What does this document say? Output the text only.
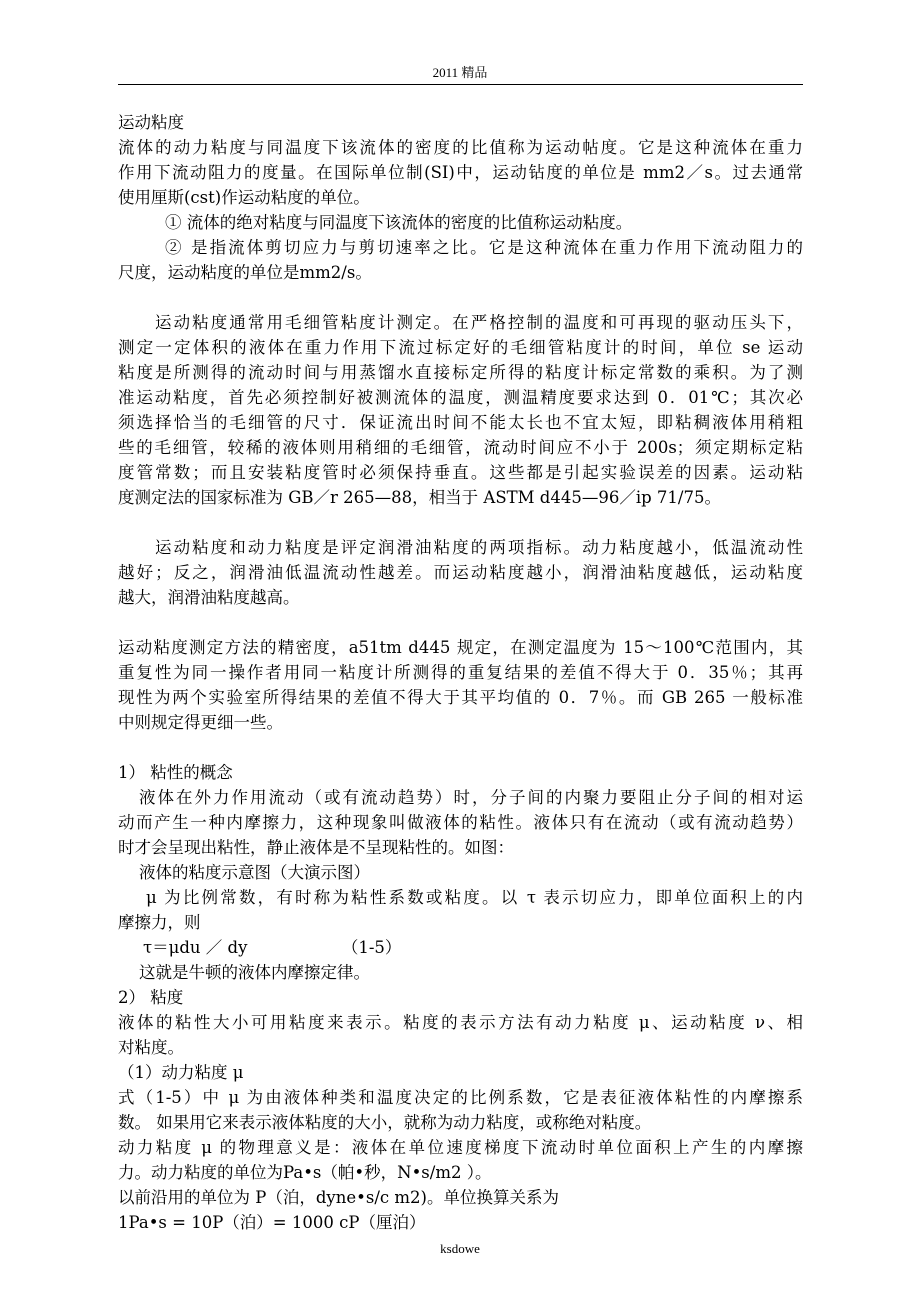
2011 精品
运动粘度
流体的动力粘度与同温度下该流体的密度的比值称为运动帖度。它是这种流体在重力
作用下流动阻力的度量。在国际单位制(SI)中，运动钻度的单位是 mm2／s。过去通常
使用厘斯(cst)作运动粘度的单位。
① 流体的绝对粘度与同温度下该流体的密度的比值称运动粘度。
② 是指流体剪切应力与剪切速率之比。它是这种流体在重力作用下流动阻力的
尺度，运动粘度的单位是mm2/s。
运动粘度通常用毛细管粘度计测定。在严格控制的温度和可再现的驱动压头下，
测定一定体积的液体在重力作用下流过标定好的毛细管粘度计的时间，单位 se 运动
粘度是所测得的流动时间与用蒸馏水直接标定所得的粘度计标定常数的乘积。为了测
准运动粘度，首先必须控制好被测流体的温度，测温精度要求达到 0．01℃；其次必
须选择恰当的毛细管的尺寸．保证流出时间不能太长也不宜太短，即粘稠液体用稍粗
些的毛细管，较稀的液体则用稍细的毛细管，流动时间应不小于 200s；须定期标定粘
度管常数；而且安装粘度管时必须保持垂直。这些都是引起实验误差的因素。运动粘
度测定法的国家标准为 GB／r 265—88，相当于 ASTM d445—96／ip 71/75。
运动粘度和动力粘度是评定润滑油粘度的两项指标。动力粘度越小，低温流动性
越好；反之，润滑油低温流动性越差。而运动粘度越小，润滑油粘度越低，运动粘度
越大，润滑油粘度越高。
运动粘度测定方法的精密度，a51tm d445 规定，在测定温度为 15～100℃范围内，其
重复性为同一操作者用同一粘度计所测得的重复结果的差值不得大于 0．35％；其再
现性为两个实验室所得结果的差值不得大于其平均值的 0．7％。而 GB 265 一般标准
中则规定得更细一些。
1） 粘性的概念
液体在外力作用流动（或有流动趋势）时，分子间的内聚力要阻止分子间的相对运
动而产生一种内摩擦力，这种现象叫做液体的粘性。液体只有在流动（或有流动趋势）
时才会呈现出粘性，静止液体是不呈现粘性的。如图：
液体的粘度示意图（大演示图）
μ 为比例常数，有时称为粘性系数或粘度。以 τ 表示切应力，即单位面积上的内
摩擦力，则
τ＝μdu ／ dy                  （1-5）
这就是牛顿的液体内摩擦定律。
2） 粘度
液体的粘性大小可用粘度来表示。粘度的表示方法有动力粘度 μ、运动粘度 ν、相
对粘度。
（1）动力粘度 μ
式（1-5）中 μ 为由液体种类和温度决定的比例系数，它是表征液体粘性的内摩擦系
数。 如果用它来表示液体粘度的大小，就称为动力粘度，或称绝对粘度。
动力粘度 μ 的物理意义是：液体在单位速度梯度下流动时单位面积上产生的内摩擦
力。动力粘度的单位为Pa•s（帕•秒，N•s/m2 ）。
以前沿用的单位为 P（泊，dyne•s/c m2)。单位换算关系为
1Pa•s = 10P（泊）= 1000 cP（厘泊）
ksdowe
